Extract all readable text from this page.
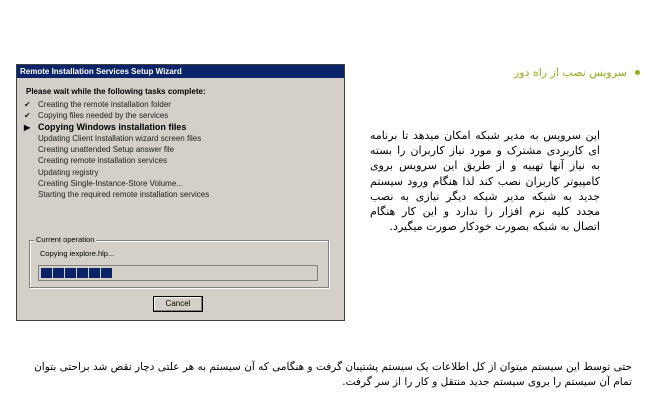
Remote Installation Services Setup Wizard
Please wait while the following tasks complete:
✔ Creating the remote installation folder
✔ Copying files needed by the services
▶ Copying Windows installation files
Updating Client Installation wizard screen files
Creating unattended Setup answer file
Creating remote installation services
Updating registry
Creating Single-Instance-Store Volume...
Starting the required remote installation services
Current operation
Copying iexplore.hlp...
Cancel
سرویس نصب از راه دور
این سرویس به مدیر شبکه امکان میدهد تا برنامه ای کاربردی مشترک و مورد نیاز کاربران را بسته به نیاز آنها تهییه و از طریق این سرویس بروی کامپیوتر کاربران نصب کند لذا هنگام ورود سیستم جدید به شبکه مدیر شبکه دیگر نیازی به نصب مجدد کلیه نرم افزار را ندارد و این کار هنگام اتصال به شبکه بصورت خودکار صورت میگیرد.
حتی توسط این سیستم میتوان از کل اطلاعات یک سیستم پشتیبان گرفت و هنگامی که آن سیستم به هر علتی دچار نقص شد براحتی بتوان تمام آن سیستم را بروی سیستم جدید منتقل و کار را از سر گرفت.
